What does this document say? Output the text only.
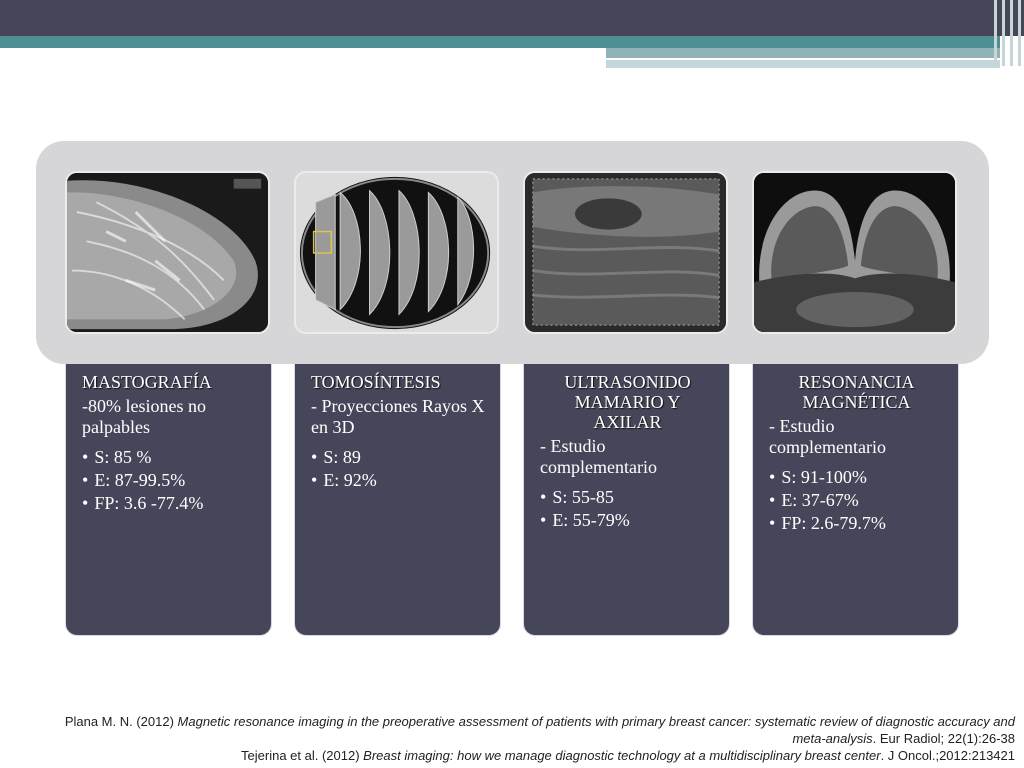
MASTOGRAFÍA

-80% lesiones no palpables

• S: 85 %
• E: 87-99.5%
• FP: 3.6 -77.4%
TOMOSÍNTESIS

- Proyecciones Rayos X en 3D

• S: 89
• E: 92%
ULTRASONIDO MAMARIO Y AXILAR

- Estudio complementario

• S: 55-85
• E: 55-79%
RESONANCIA MAGNÉTICA

- Estudio complementario

• S: 91-100%
• E: 37-67%
• FP: 2.6-79.7%
Plana M. N. (2012) Magnetic resonance imaging in the preoperative assessment of patients with primary breast cancer: systematic review of diagnostic accuracy and meta-analysis. Eur Radiol; 22(1):26-38
Tejerina et al. (2012) Breast imaging: how we manage diagnostic technology at a multidisciplinary breast center. J Oncol.;2012:213421
